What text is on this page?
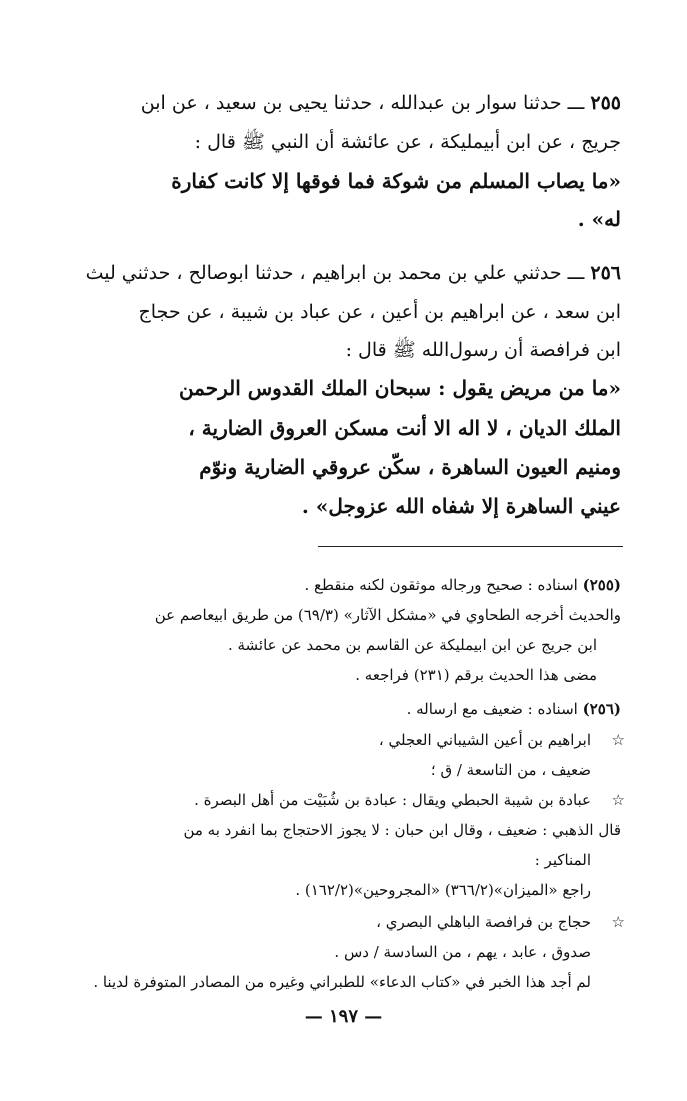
٢٥٥ ـــ حدثنا سوار بن عبدالله ، حدثنا يحيى بن سعيد ، عن ابن
جريج ، عن ابن أبيمليكة ، عن عائشة أن النبي ﷺ قال :
«ما يصاب المسلم من شوكة فما فوقها إلا كانت كفارة
له» .
٢٥٦ ـــ حدثني علي بن محمد بن ابراهيم ، حدثنا ابوصالح ، حدثني ليث
ابن سعد ، عن ابراهيم بن أعين ، عن عباد بن شيبة ، عن حجاج
ابن فرافصة أن رسول‌الله ﷺ قال :
«ما من مريض يقول : سبحان الملك القدوس الرحمن
الملك الديان ، لا اله الا أنت مسكن العروق الضارية ،
ومنيم العيون الساهرة ، سكّن عروقي الضارية ونوّم
عيني الساهرة إلا شفاه الله عزوجل» .
(٢٥٥) اسناده : صحيح ورجاله موثقون لكنه منقطع .
والحديث أخرجه الطحاوي في «مشكل الآثار» (٦٩/٣) من طريق ابيعاصم عن
ابن جريج عن ابن ابيمليكة عن القاسم بن محمد عن عائشة .
مضى هذا الحديث برقم (٢٣١) فراجعه .
(٢٥٦) اسناده : ضعيف مع ارساله .
☆
ابراهيم بن أعين الشيباني العجلي ،
ضعيف ، من التاسعة / ق ؛
☆
عبادة بن شيبة الحبطي ويقال : عبادة بن شُبَيْت من أهل البصرة .
قال الذهبي : ضعيف ، وقال ابن حبان : لا يجوز الاحتجاج بما انفرد به من
المناكير :
راجع «الميزان»(٣٦٦/٢) «المجروحين»(١٦٢/٢) .
☆
حجاج بن فرافصة الباهلي البصري ،
صدوق ، عابد ، يهم ، من السادسة / دس .
لم أجد هذا الخبر في «كتاب الدعاء» للطبراني وغيره من المصادر المتوفرة لدينا .
— ١٩٧ —
